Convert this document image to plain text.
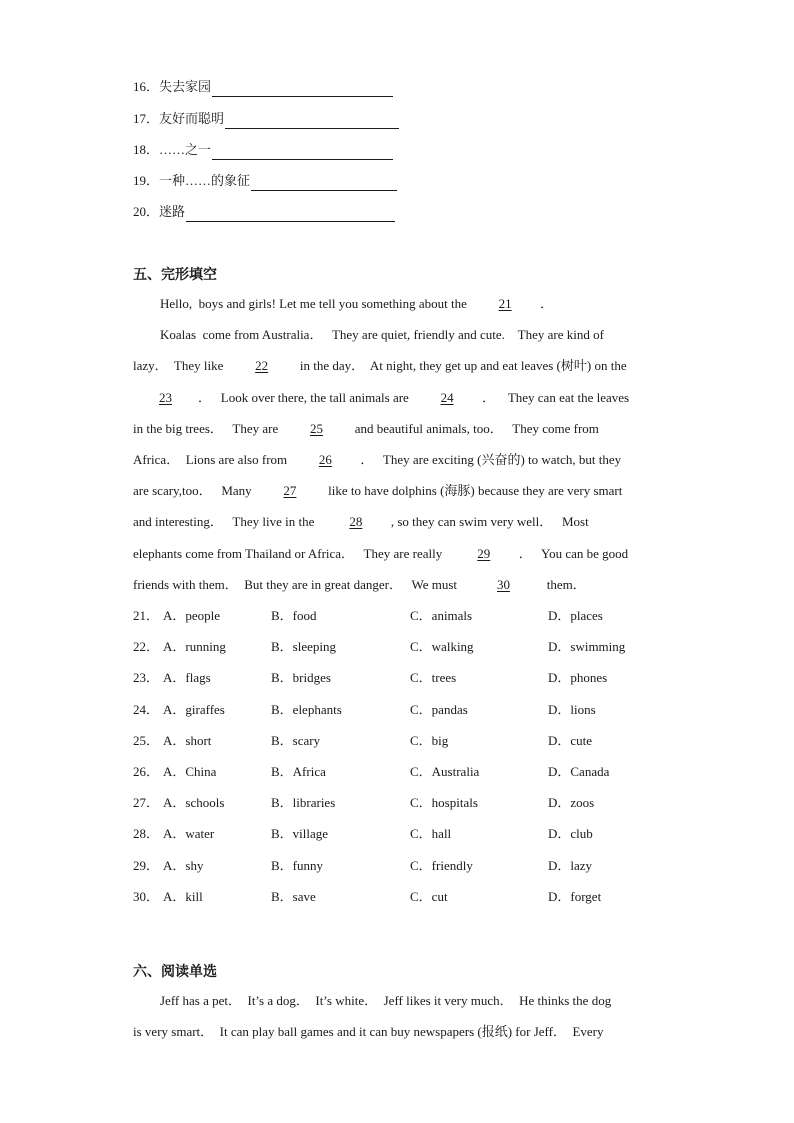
16． 失去家园
17． 友好而聪明
18． ……之一
19． 一种……的象征
20． 迷路
五、完形填空
Hello,  boys and girls! Let me tell you something about the	21	．
Koalas  come from Australia．   They are quiet, friendly and cute.    They are kind of
lazy．  They like	22	in the day．  At night, they get up and eat leaves (树叶) on the
23	．   Look over there, the tall animals are	24	．    They can eat the leaves
in the big trees．   They are	25	and beautiful animals, too．   They come from
Africa．  Lions are also from	26	．   They are exciting (兴奋的) to watch, but they
are scary,too．   Many	27	like to have dolphins (海豚) because they are very smart
and interesting．   They live in the	28	, so they can swim very well．   Most
elephants come from Thailand or Africa．   They are really	29	．   You can be good
friends with them．  But they are in great danger．   We must	30	them．
21． A．people	B．food	C．animals	D．places
22． A．running	B．sleeping	C．walking	D．swimming
23． A．flags	B．bridges	C．trees	D．phones
24． A．giraffes	B．elephants	C．pandas	D．lions
25． A．short	B．scary	C．big	D．cute
26． A．China	B．Africa	C．Australia	D．Canada
27． A．schools	B．libraries	C．hospitals	D．zoos
28． A．water	B．village	C．hall	D．club
29． A．shy	B．funny	C．friendly	D．lazy
30． A．kill	B．save	C．cut	D．forget
六、阅读单选
Jeff has a pet．  It’s a dog．  It’s white．  Jeff likes it very much．  He thinks the dog
is very smart．  It can play ball games and it can buy newspapers (报纸) for Jeff．  Every
